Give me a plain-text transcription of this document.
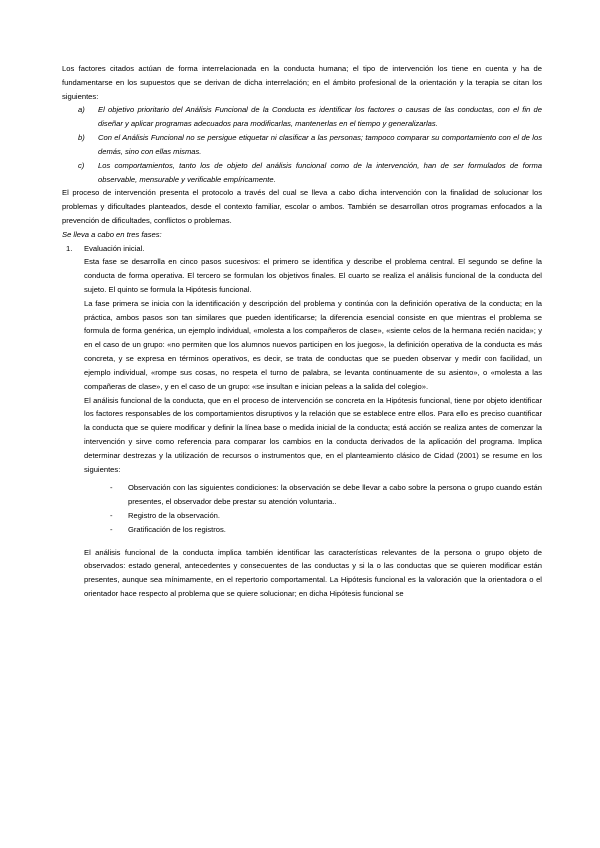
Los factores citados actúan de forma interrelacionada en la conducta humana; el tipo de intervención los tiene en cuenta y ha de fundamentarse en los supuestos que se derivan de dicha interrelación; en el ámbito profesional de la orientación y la terapia se citan los siguientes:

a) El objetivo prioritario del Análisis Funcional de la Conducta es identificar los factores o causas de las conductas, con el fin de diseñar y aplicar programas adecuados para modificarlas, mantenerlas en el tiempo y generalizarlas.
b) Con el Análisis Funcional no se persigue etiquetar ni clasificar a las personas; tampoco comparar su comportamiento con el de los demás, sino con ellas mismas.
c) Los comportamientos, tanto los de objeto del análisis funcional como de la intervención, han de ser formulados de forma observable, mensurable y verificable empíricamente.

El proceso de intervención presenta el protocolo a través del cual se lleva a cabo dicha intervención con la finalidad de solucionar los problemas y dificultades planteados, desde el contexto familiar, escolar o ambos. También se desarrollan otros programas enfocados a la prevención de dificultades, conflictos o problemas.

Se lleva a cabo en tres fases:

1. Evaluación inicial.

Esta fase se desarrolla en cinco pasos sucesivos: el primero se identifica y describe el problema central. El segundo se define la conducta de forma operativa. El tercero se formulan los objetivos finales. El cuarto se realiza el análisis funcional de la conducta del sujeto. El quinto se formula la Hipótesis funcional.

La fase primera se inicia con la identificación y descripción del problema y continúa con la definición operativa de la conducta; en la práctica, ambos pasos son tan similares que pueden identificarse; la diferencia esencial consiste en que mientras el problema se formula de forma genérica, un ejemplo individual, «molesta a los compañeros de clase», «siente celos de la hermana recién nacida»; y en el caso de un grupo: «no permiten que los alumnos nuevos participen en los juegos», la definición operativa de la conducta es más concreta, y se expresa en términos operativos, es decir, se trata de conductas que se pueden observar y medir con facilidad, un ejemplo individual, «rompe sus cosas, no respeta el turno de palabra, se levanta continuamente de su asiento», o «molesta a las compañeras de clase», y en el caso de un grupo: «se insultan e inician peleas a la salida del colegio».

El análisis funcional de la conducta, que en el proceso de intervención se concreta en la Hipótesis funcional, tiene por objeto identificar los factores responsables de los comportamientos disruptivos y la relación que se establece entre ellos. Para ello es preciso cuantificar la conducta que se quiere modificar y definir la línea base o medida inicial de la conducta; está acción se realiza antes de comenzar la intervención y sirve como referencia para comparar los cambios en la conducta derivados de la aplicación del programa. Implica determinar destrezas y la utilización de recursos o instrumentos que, en el planteamiento clásico de Cidad (2001) se resume en los siguientes:

- Observación con las siguientes condiciones: la observación se debe llevar a cabo sobre la persona o grupo cuando están presentes, el observador debe prestar su atención voluntaria..
- Registro de la observación.
- Gratificación de los registros.

El análisis funcional de la conducta implica también identificar las características relevantes de la persona o grupo objeto de observados: estado general, antecedentes y consecuentes de las conductas y si la o las conductas que se quieren modificar están presentes, aunque sea mínimamente, en el repertorio comportamental. La Hipótesis funcional es la valoración que la orientadora o el orientador hace respecto al problema que se quiere solucionar; en dicha Hipótesis funcional se
